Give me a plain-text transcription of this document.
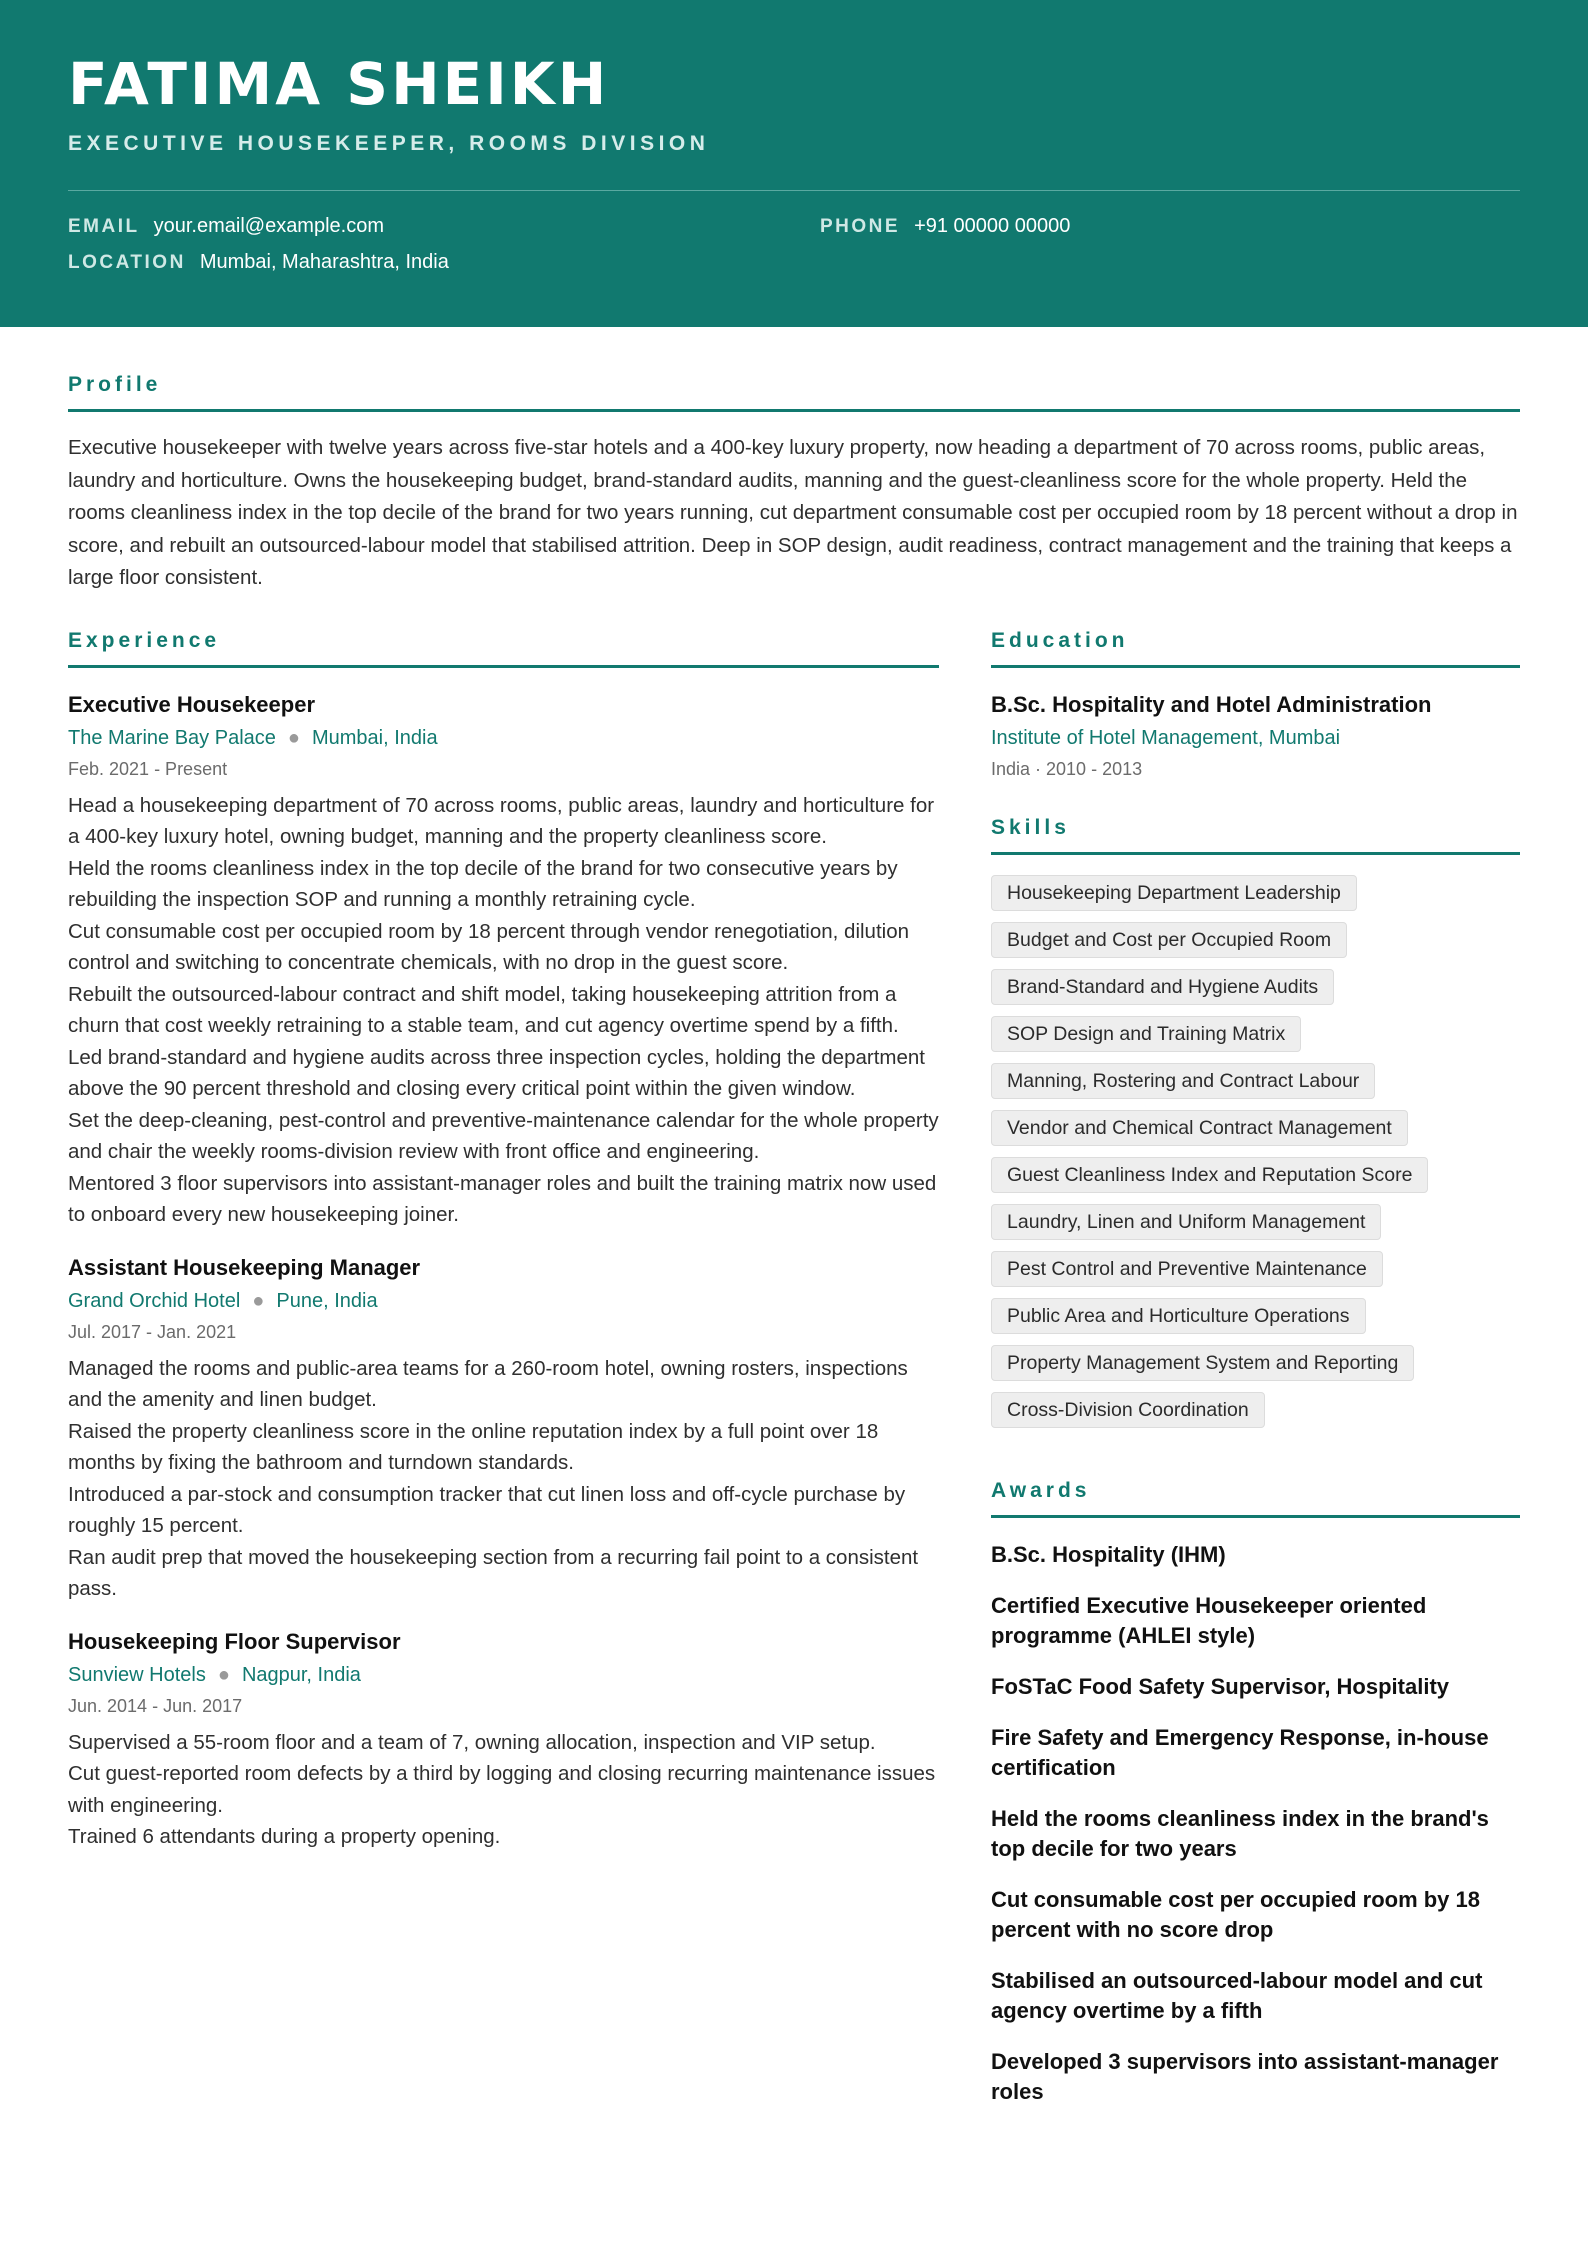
FATIMA SHEIKH
EXECUTIVE HOUSEKEEPER, ROOMS DIVISION
EMAIL your.email@example.com	PHONE +91 00000 00000
LOCATION Mumbai, Maharashtra, India
Profile

Executive housekeeper with twelve years across five-star hotels and a 400-key luxury property, now heading a department of 70 across rooms, public areas, laundry and horticulture. Owns the housekeeping budget, brand-standard audits, manning and the guest-cleanliness score for the whole property. Held the rooms cleanliness index in the top decile of the brand for two years running, cut department consumable cost per occupied room by 18 percent without a drop in score, and rebuilt an outsourced-labour model that stabilised attrition. Deep in SOP design, audit readiness, contract management and the training that keeps a large floor consistent.

Experience
Executive Housekeeper
The Marine Bay Palace ● Mumbai, India
Feb. 2021 - Present
Head a housekeeping department of 70 across rooms, public areas, laundry and horticulture for a 400-key luxury hotel, owning budget, manning and the property cleanliness score.
Held the rooms cleanliness index in the top decile of the brand for two consecutive years by rebuilding the inspection SOP and running a monthly retraining cycle.
Cut consumable cost per occupied room by 18 percent through vendor renegotiation, dilution control and switching to concentrate chemicals, with no drop in the guest score.
Rebuilt the outsourced-labour contract and shift model, taking housekeeping attrition from a churn that cost weekly retraining to a stable team, and cut agency overtime spend by a fifth.
Led brand-standard and hygiene audits across three inspection cycles, holding the department above the 90 percent threshold and closing every critical point within the given window.
Set the deep-cleaning, pest-control and preventive-maintenance calendar for the whole property and chair the weekly rooms-division review with front office and engineering.
Mentored 3 floor supervisors into assistant-manager roles and built the training matrix now used to onboard every new housekeeping joiner.
Assistant Housekeeping Manager
Grand Orchid Hotel ● Pune, India
Jul. 2017 - Jan. 2021
Managed the rooms and public-area teams for a 260-room hotel, owning rosters, inspections and the amenity and linen budget.
Raised the property cleanliness score in the online reputation index by a full point over 18 months by fixing the bathroom and turndown standards.
Introduced a par-stock and consumption tracker that cut linen loss and off-cycle purchase by roughly 15 percent.
Ran audit prep that moved the housekeeping section from a recurring fail point to a consistent pass.
Housekeeping Floor Supervisor
Sunview Hotels ● Nagpur, India
Jun. 2014 - Jun. 2017
Supervised a 55-room floor and a team of 7, owning allocation, inspection and VIP setup.
Cut guest-reported room defects by a third by logging and closing recurring maintenance issues with engineering.
Trained 6 attendants during a property opening.
Education
B.Sc. Hospitality and Hotel Administration
Institute of Hotel Management, Mumbai
India · 2010 - 2013
Skills
Housekeeping Department Leadership
Budget and Cost per Occupied Room
Brand-Standard and Hygiene Audits
SOP Design and Training Matrix
Manning, Rostering and Contract Labour
Vendor and Chemical Contract Management
Guest Cleanliness Index and Reputation Score
Laundry, Linen and Uniform Management
Pest Control and Preventive Maintenance
Public Area and Horticulture Operations
Property Management System and Reporting
Cross-Division Coordination
Awards
B.Sc. Hospitality (IHM)
Certified Executive Housekeeper oriented programme (AHLEI style)
FoSTaC Food Safety Supervisor, Hospitality
Fire Safety and Emergency Response, in-house certification
Held the rooms cleanliness index in the brand's top decile for two years
Cut consumable cost per occupied room by 18 percent with no score drop
Stabilised an outsourced-labour model and cut agency overtime by a fifth
Developed 3 supervisors into assistant-manager roles
